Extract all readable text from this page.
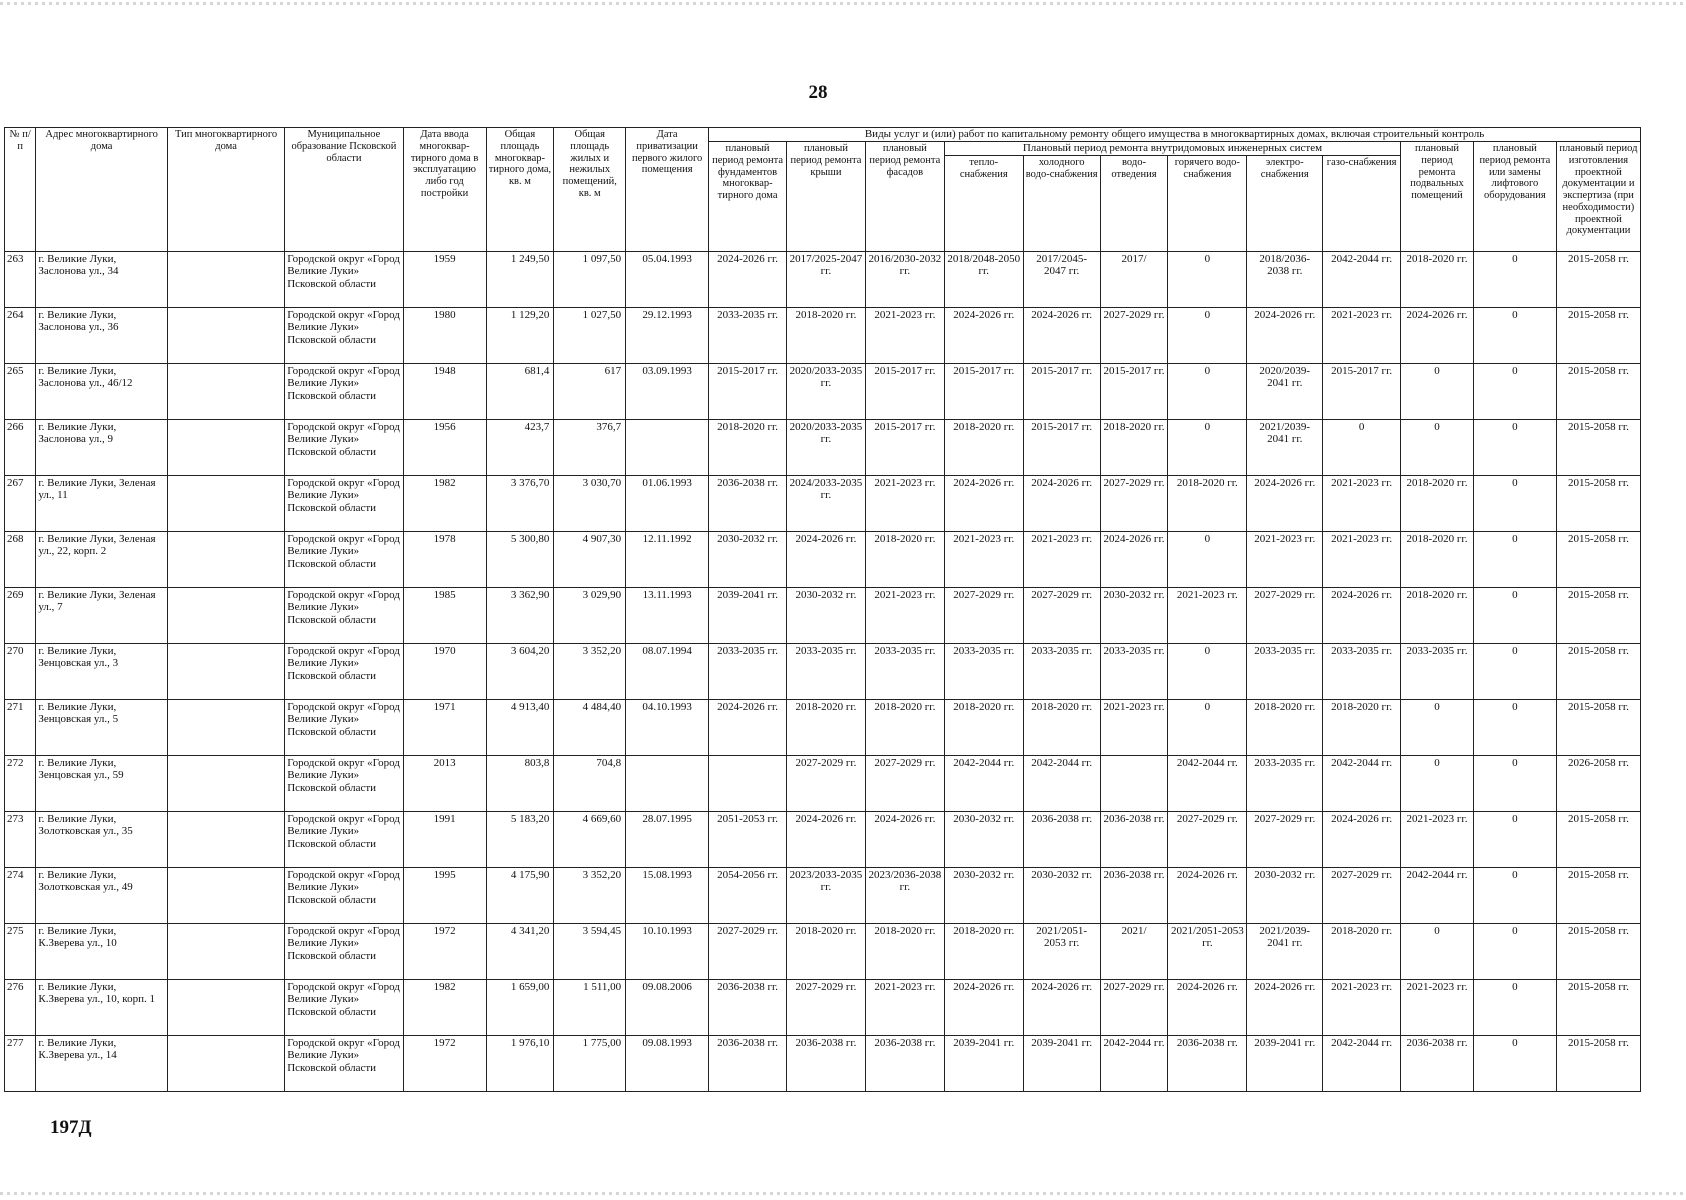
28
№ п/п	Адрес многоквартирного дома	Тип многоквартирного дома	Муниципальное образование Псковской области	Дата ввода многоквар-тирного дома в эксплуатацию либо год постройки	Общая площадь многоквар-тирного дома, кв. м	Общая площадь жилых и нежилых помещений, кв. м	Дата приватизации первого жилого помещения	Виды услуг и (или) работ по капитальному ремонту общего имущества в многоквартирных домах, включая строительный контроль											
								плановый период ремонта фундаментов многоквар-тирного дома	плановый период ремонта крыши	плановый период ремонта фасадов	Плановый период ремонта внутридомовых инженерных систем						плановый период ремонта подвальных помещений	плановый период ремонта или замены лифтового оборудования	плановый период изготовления проектной документации и экспертиза (при необходимости) проектной документации
											тепло-снабжения	холодного водо-снабжения	водо-отведения	горячего водо-снабжения	электро-снабжения	газо-снабжения			
263	г. Великие Луки, Заслонова ул., 34		Городской округ «Город Великие Луки» Псковской области	1959	1 249,50	1 097,50	05.04.1993	2024-2026 гг.	2017/2025-2047 гг.	2016/2030-2032 гг.	2018/2048-2050 гг.	2017/2045-2047 гг.	2017/	0	2018/2036-2038 гг.	2042-2044 гг.	2018-2020 гг.	0	2015-2058 гг.
264	г. Великие Луки, Заслонова ул., 36		Городской округ «Город Великие Луки» Псковской области	1980	1 129,20	1 027,50	29.12.1993	2033-2035 гг.	2018-2020 гг.	2021-2023 гг.	2024-2026 гг.	2024-2026 гг.	2027-2029 гг.	0	2024-2026 гг.	2021-2023 гг.	2024-2026 гг.	0	2015-2058 гг.
265	г. Великие Луки, Заслонова ул., 46/12		Городской округ «Город Великие Луки» Псковской области	1948	681,4	617	03.09.1993	2015-2017 гг.	2020/2033-2035 гг.	2015-2017 гг.	2015-2017 гг.	2015-2017 гг.	2015-2017 гг.	0	2020/2039-2041 гг.	2015-2017 гг.	0	0	2015-2058 гг.
266	г. Великие Луки, Заслонова ул., 9		Городской округ «Город Великие Луки» Псковской области	1956	423,7	376,7		2018-2020 гг.	2020/2033-2035 гг.	2015-2017 гг.	2018-2020 гг.	2015-2017 гг.	2018-2020 гг.	0	2021/2039-2041 гг.	0	0	0	2015-2058 гг.
267	г. Великие Луки, Зеленая ул., 11		Городской округ «Город Великие Луки» Псковской области	1982	3 376,70	3 030,70	01.06.1993	2036-2038 гг.	2024/2033-2035 гг.	2021-2023 гг.	2024-2026 гг.	2024-2026 гг.	2027-2029 гг.	2018-2020 гг.	2024-2026 гг.	2021-2023 гг.	2018-2020 гг.	0	2015-2058 гг.
268	г. Великие Луки, Зеленая ул., 22, корп. 2		Городской округ «Город Великие Луки» Псковской области	1978	5 300,80	4 907,30	12.11.1992	2030-2032 гг.	2024-2026 гг.	2018-2020 гг.	2021-2023 гг.	2021-2023 гг.	2024-2026 гг.	0	2021-2023 гг.	2021-2023 гг.	2018-2020 гг.	0	2015-2058 гг.
269	г. Великие Луки, Зеленая ул., 7		Городской округ «Город Великие Луки» Псковской области	1985	3 362,90	3 029,90	13.11.1993	2039-2041 гг.	2030-2032 гг.	2021-2023 гг.	2027-2029 гг.	2027-2029 гг.	2030-2032 гг.	2021-2023 гг.	2027-2029 гг.	2024-2026 гг.	2018-2020 гг.	0	2015-2058 гг.
270	г. Великие Луки, Зенцовская ул., 3		Городской округ «Город Великие Луки» Псковской области	1970	3 604,20	3 352,20	08.07.1994	2033-2035 гг.	2033-2035 гг.	2033-2035 гг.	2033-2035 гг.	2033-2035 гг.	2033-2035 гг.	0	2033-2035 гг.	2033-2035 гг.	2033-2035 гг.	0	2015-2058 гг.
271	г. Великие Луки, Зенцовская ул., 5		Городской округ «Город Великие Луки» Псковской области	1971	4 913,40	4 484,40	04.10.1993	2024-2026 гг.	2018-2020 гг.	2018-2020 гг.	2018-2020 гг.	2018-2020 гг.	2021-2023 гг.	0	2018-2020 гг.	2018-2020 гг.	0	0	2015-2058 гг.
272	г. Великие Луки, Зенцовская ул., 59		Городской округ «Город Великие Луки» Псковской области	2013	803,8	704,8			2027-2029 гг.	2027-2029 гг.	2042-2044 гг.	2042-2044 гг.		2042-2044 гг.	2033-2035 гг.	2042-2044 гг.	0	0	2026-2058 гг.
273	г. Великие Луки, Золотковская ул., 35		Городской округ «Город Великие Луки» Псковской области	1991	5 183,20	4 669,60	28.07.1995	2051-2053 гг.	2024-2026 гг.	2024-2026 гг.	2030-2032 гг.	2036-2038 гг.	2036-2038 гг.	2027-2029 гг.	2027-2029 гг.	2024-2026 гг.	2021-2023 гг.	0	2015-2058 гг.
274	г. Великие Луки, Золотковская ул., 49		Городской округ «Город Великие Луки» Псковской области	1995	4 175,90	3 352,20	15.08.1993	2054-2056 гг.	2023/2033-2035 гг.	2023/2036-2038 гг.	2030-2032 гг.	2030-2032 гг.	2036-2038 гг.	2024-2026 гг.	2030-2032 гг.	2027-2029 гг.	2042-2044 гг.	0	2015-2058 гг.
275	г. Великие Луки, К.Зверева ул., 10		Городской округ «Город Великие Луки» Псковской области	1972	4 341,20	3 594,45	10.10.1993	2027-2029 гг.	2018-2020 гг.	2018-2020 гг.	2018-2020 гг.	2021/2051-2053 гг.	2021/	2021/2051-2053 гг.	2021/2039-2041 гг.	2018-2020 гг.	0	0	2015-2058 гг.
276	г. Великие Луки, К.Зверева ул., 10, корп. 1		Городской округ «Город Великие Луки» Псковской области	1982	1 659,00	1 511,00	09.08.2006	2036-2038 гг.	2027-2029 гг.	2021-2023 гг.	2024-2026 гг.	2024-2026 гг.	2027-2029 гг.	2024-2026 гг.	2024-2026 гг.	2021-2023 гг.	2021-2023 гг.	0	2015-2058 гг.
277	г. Великие Луки, К.Зверева ул., 14		Городской округ «Город Великие Луки» Псковской области	1972	1 976,10	1 775,00	09.08.1993	2036-2038 гг.	2036-2038 гг.	2036-2038 гг.	2039-2041 гг.	2039-2041 гг.	2042-2044 гг.	2036-2038 гг.	2039-2041 гг.	2042-2044 гг.	2036-2038 гг.	0	2015-2058 гг.
197Д
